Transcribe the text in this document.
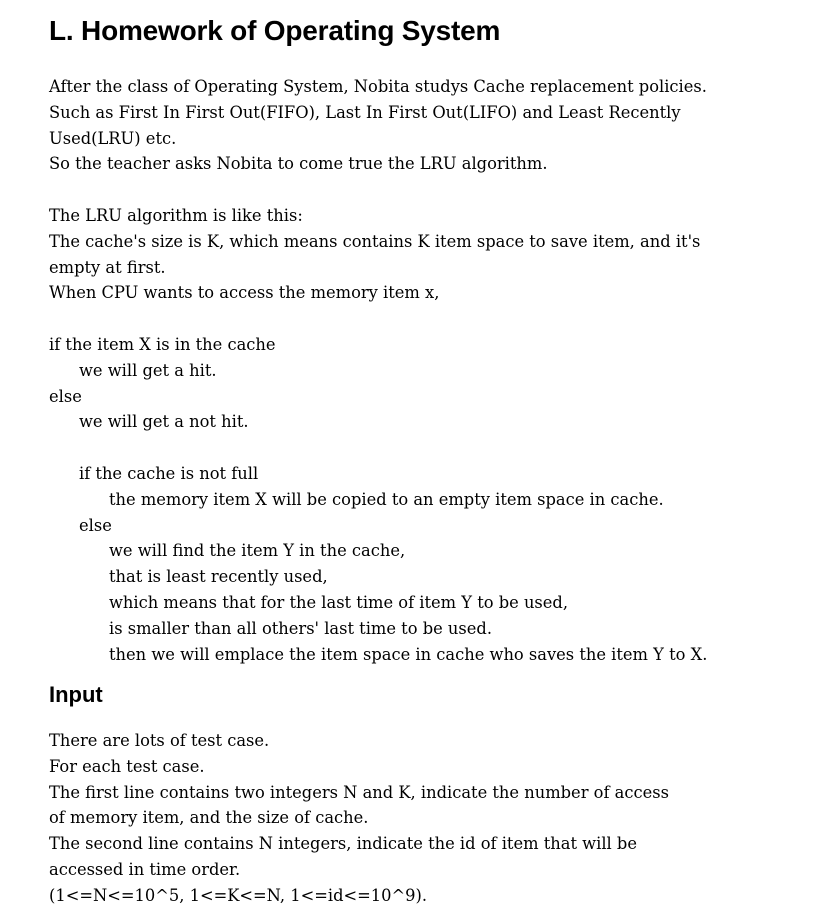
L. Homework of Operating System
After the class of Operating System, Nobita studys Cache replacement policies.
Such as First In First Out(FIFO), Last In First Out(LIFO) and Least Recently
Used(LRU) etc.
So the teacher asks Nobita to come true the LRU algorithm.
The LRU algorithm is like this:
The cache's size is K, which means contains K item space to save item, and it's
empty at first.
When CPU wants to access the memory item x,
if the item X is in the cache
we will get a hit.
else
we will get a not hit.
if the cache is not full
the memory item X will be copied to an empty item space in cache.
else
we will find the item Y in the cache,
that is least recently used,
which means that for the last time of item Y to be used,
is smaller than all others' last time to be used.
then we will emplace the item space in cache who saves the item Y to X.
Input
There are lots of test case.
For each test case.
The first line contains two integers N and K, indicate the number of access
of memory item, and the size of cache.
The second line contains N integers, indicate the id of item that will be
accessed in time order.
(1<=N<=10^5, 1<=K<=N, 1<=id<=10^9).
